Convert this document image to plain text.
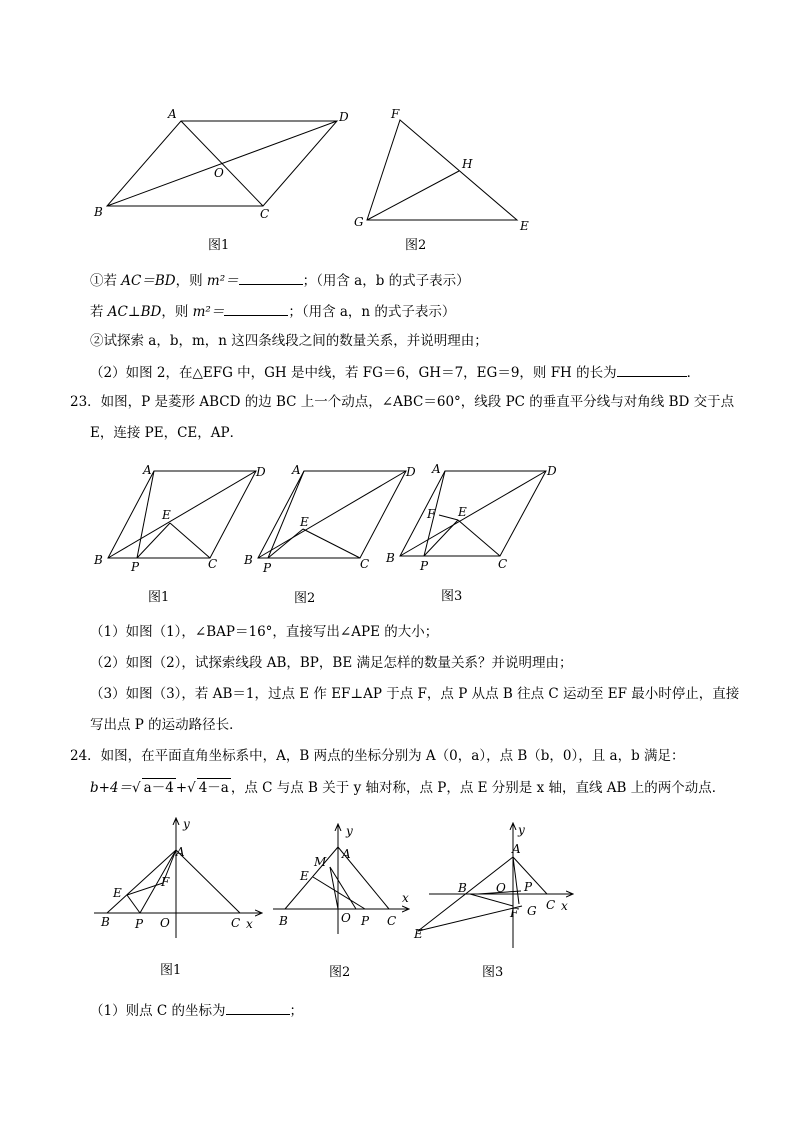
A	D
B	C
O
图1
F
H
G	E
图2
①若 AC＝BD，则 m²＝	；（用含 a，b 的式子表示）
若 AC⊥BD，则 m²＝	；（用含 a，n 的式子表示）
②试探索 a，b，m，n 这四条线段之间的数量关系，并说明理由；
（2）如图 2，在△EFG 中，GH 是中线，若 FG＝6，GH＝7，EG＝9，则 FH 的长为	．
23．如图，P 是菱形 ABCD 的边 BC 上一个动点，∠ABC＝60°，线段 PC 的垂直平分线与对角线 BD 交于点
E，连接 PE，CE，AP．
A	D
B	C
E
P
图1
A	D
B	C
E
P
图2
A	D
B	C
E
F
P
图3
（1）如图（1），∠BAP＝16°，直接写出∠APE 的大小；
（2）如图（2），试探索线段 AB，BP，BE 满足怎样的数量关系？并说明理由；
（3）如图（3），若 AB＝1，过点 E 作 EF⊥AP 于点 F，点 P 从点 B 往点 C 运动至 EF 最小时停止，直接
写出点 P 的运动路径长．
24．如图，在平面直角坐标系中，A，B 两点的坐标分别为 A（0，a），点 B（b，0），且 a，b 满足：
b+4＝√ a－4 +√ 4－a ，点 C 与点 B 关于 y 轴对称，点 P，点 E 分别是 x 轴，直线 AB 上的两个动点．
y
A
E
F
B P O	C x
图1
y
A
M
E
x
B	O P C
图2
y
A
B O P
C x
F G
E
图3
（1）则点 C 的坐标为	；
